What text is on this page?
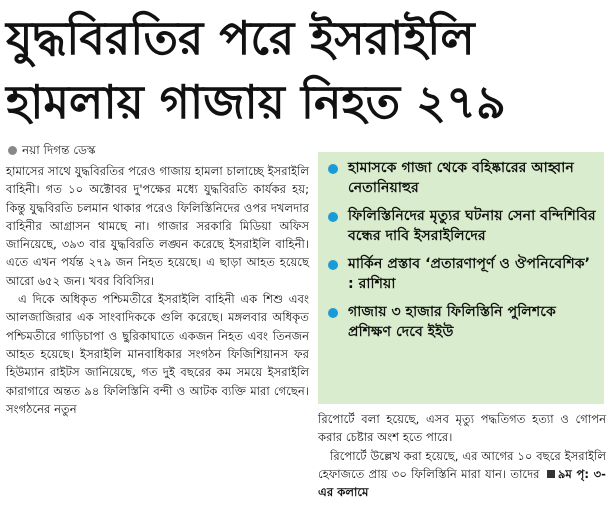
যুদ্ধবিরতির পরে ইসরাইলি
হামলায় গাজায় নিহত ২৭৯
নয়া দিগন্ত ডেস্ক

হামাসের সাথে যুদ্ধবিরতির পরেও গাজায় হামলা চালাচ্ছে ইসরাইলি বাহিনী। গত ১০ অক্টোবর দু'পক্ষের মধ্যে যুদ্ধবিরতি কার্যকর হয়; কিন্তু যুদ্ধবিরতি চলমান থাকার পরেও ফিলিস্তিনিদের ওপর দখলদার বাহিনীর আগ্রাসন থামছে না। গাজার সরকারি মিডিয়া অফিস জানিয়েছে, ৩৯৩ বার যুদ্ধবিরতি লঙ্ঘন করেছে ইসরাইলি বাহিনী। এতে এখন পর্যন্ত ২৭৯ জন নিহত হয়েছে। এ ছাড়া আহত হয়েছে আরো ৬৫২ জন। খবর বিবিসির।

এ দিকে অধিকৃত পশ্চিমতীরে ইসরাইলি বাহিনী এক শিশু এবং আলজাজিরার এক সাংবাদিককে গুলি করেছে। মঙ্গলবার অধিকৃত পশ্চিমতীরে গাড়িচাপা ও ছুরিকাঘাতে একজন নিহত এবং তিনজন আহত হয়েছে। ইসরাইলি মানবাধিকার সংগঠন ফিজিশিয়ানস ফর হিউম্যান রাইটস জানিয়েছে, গত দুই বছরের কম সময়ে ইসরাইলি কারাগারে অন্তত ৯৪ ফিলিস্তিনি বন্দী ও আটক ব্যক্তি মারা গেছেন। সংগঠনের নতুন

হামাসকে গাজা থেকে বহিষ্কারের আহ্বান নেতানিয়াহুর
ফিলিস্তিনিদের মৃত্যুর ঘটনায় সেনা বন্দিশিবির বন্ধের দাবি ইসরাইলিদের
মার্কিন প্রস্তাব ‘প্রতারণাপূর্ণ ও ঔপনিবেশিক’ : রাশিয়া
গাজায় ৩ হাজার ফিলিস্তিনি পুলিশকে প্রশিক্ষণ দেবে ইইউ

রিপোর্টে বলা হয়েছে, এসব মৃত্যু পদ্ধতিগত হত্যা ও গোপন করার চেষ্টার অংশ হতে পারে।

রিপোর্টে উল্লেখ করা হয়েছে, এর আগের ১০ বছরে ইসরাইলি হেফাজতে প্রায় ৩০ ফিলিস্তিনি মারা যান। তাদের ৯ম পৃ: ৩-এর কলামে
